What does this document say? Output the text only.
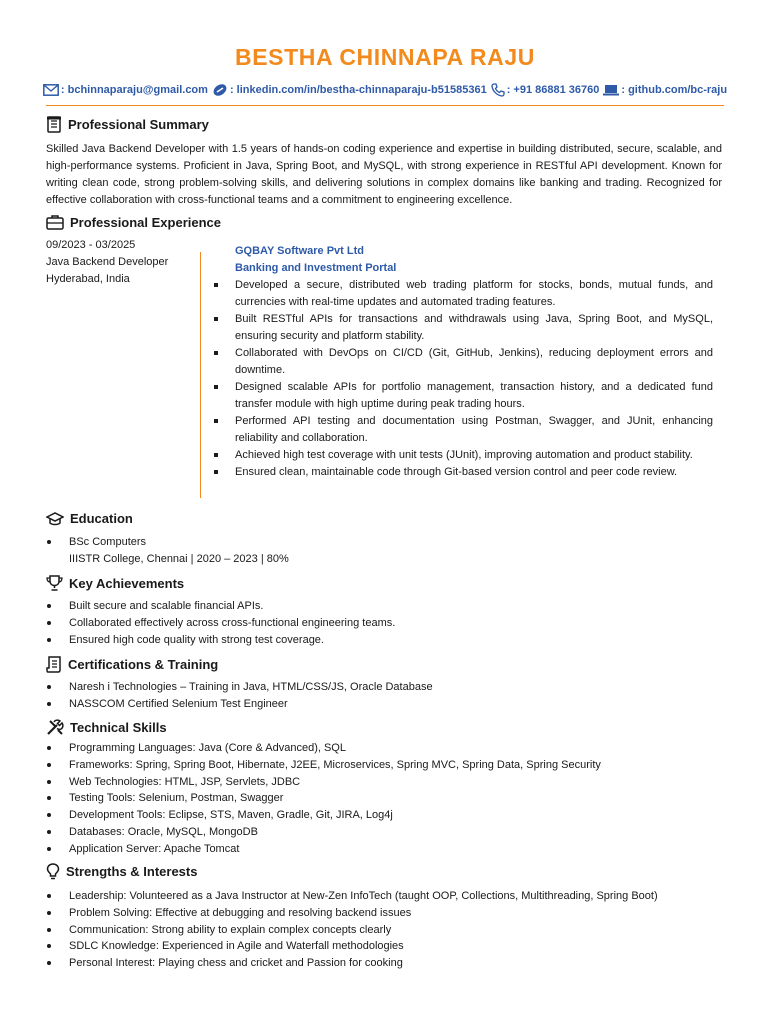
BESTHA CHINNAPA RAJU
: bchinnaparaju@gmail.com : linkedin.com/in/bestha-chinnaparaju-b51585361 : +91 86881 36760 : github.com/bc-raju
Professional Summary
Skilled Java Backend Developer with 1.5 years of hands-on coding experience and expertise in building distributed, secure, scalable, and high-performance systems. Proficient in Java, Spring Boot, and MySQL, with strong experience in RESTful API development. Known for writing clean code, strong problem-solving skills, and delivering solutions in complex domains like banking and trading. Recognized for effective collaboration with cross-functional teams and a commitment to engineering excellence.
Professional Experience
09/2023 - 03/2025
Java Backend Developer
Hyderabad, India
GQBAY Software Pvt Ltd
Banking and Investment Portal
Developed a secure, distributed web trading platform for stocks, bonds, mutual funds, and currencies with real-time updates and automated trading features.
Built RESTful APIs for transactions and withdrawals using Java, Spring Boot, and MySQL, ensuring security and platform stability.
Collaborated with DevOps on CI/CD (Git, GitHub, Jenkins), reducing deployment errors and downtime.
Designed scalable APIs for portfolio management, transaction history, and a dedicated fund transfer module with high uptime during peak trading hours.
Performed API testing and documentation using Postman, Swagger, and JUnit, enhancing reliability and collaboration.
Achieved high test coverage with unit tests (JUnit), improving automation and product stability.
Ensured clean, maintainable code through Git-based version control and peer code review.
Education
BSc Computers
IIISTR College, Chennai | 2020 – 2023 | 80%
Key Achievements
Built secure and scalable financial APIs.
Collaborated effectively across cross-functional engineering teams.
Ensured high code quality with strong test coverage.
Certifications & Training
Naresh i Technologies – Training in Java, HTML/CSS/JS, Oracle Database
NASSCOM Certified Selenium Test Engineer
Technical Skills
Programming Languages: Java (Core & Advanced), SQL
Frameworks: Spring, Spring Boot, Hibernate, J2EE, Microservices, Spring MVC, Spring Data, Spring Security
Web Technologies: HTML, JSP, Servlets, JDBC
Testing Tools: Selenium, Postman, Swagger
Development Tools: Eclipse, STS, Maven, Gradle, Git, JIRA, Log4j
Databases: Oracle, MySQL, MongoDB
Application Server: Apache Tomcat
Strengths & Interests
Leadership: Volunteered as a Java Instructor at New-Zen InfoTech (taught OOP, Collections, Multithreading, Spring Boot)
Problem Solving: Effective at debugging and resolving backend issues
Communication: Strong ability to explain complex concepts clearly
SDLC Knowledge: Experienced in Agile and Waterfall methodologies
Personal Interest: Playing chess and cricket and Passion for cooking
